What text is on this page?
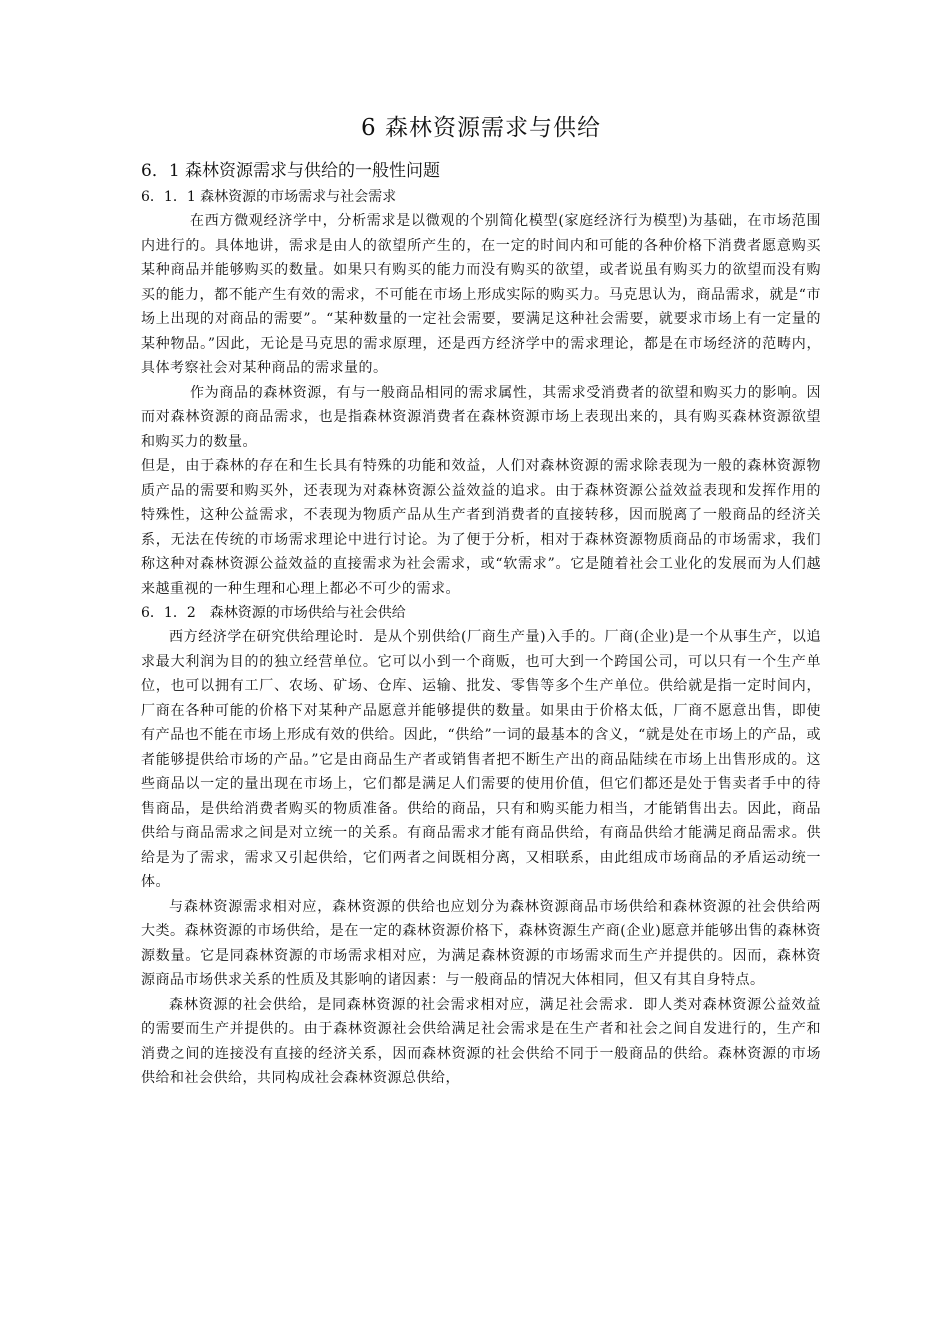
6 森林资源需求与供给
6．1 森林资源需求与供给的一般性问题
6．1．1 森林资源的市场需求与社会需求

在西方微观经济学中，分析需求是以微观的个别简化模型(家庭经济行为模型)为基础，在市场范围内进行的。具体地讲，需求是由人的欲望所产生的，在一定的时间内和可能的各种价格下消费者愿意购买某种商品并能够购买的数量。如果只有购买的能力而没有购买的欲望，或者说虽有购买力的欲望而没有购买的能力，都不能产生有效的需求，不可能在市场上形成实际的购买力。马克思认为，商品需求，就是“市场上出现的对商品的需要”。“某种数量的一定社会需要，要满足这种社会需要，就要求市场上有一定量的某种物品。”因此，无论是马克思的需求原理，还是西方经济学中的需求理论，都是在市场经济的范畴内，具体考察社会对某种商品的需求量的。

作为商品的森林资源，有与一般商品相同的需求属性，其需求受消费者的欲望和购买力的影响。因而对森林资源的商品需求，也是指森林资源消费者在森林资源市场上表现出来的，具有购买森林资源欲望和购买力的数量。

但是，由于森林的存在和生长具有特殊的功能和效益，人们对森林资源的需求除表现为一般的森林资源物质产品的需要和购买外，还表现为对森林资源公益效益的追求。由于森林资源公益效益表现和发挥作用的特殊性，这种公益需求，不表现为物质产品从生产者到消费者的直接转移，因而脱离了一般商品的经济关系，无法在传统的市场需求理论中进行讨论。为了便于分析，相对于森林资源物质商品的市场需求，我们称这种对森林资源公益效益的直接需求为社会需求，或“软需求”。它是随着社会工业化的发展而为人们越来越重视的一种生理和心理上都必不可少的需求。

6．1．2　森林资源的市场供给与社会供给

西方经济学在研究供给理论时．是从个别供给(厂商生产量)入手的。厂商(企业)是一个从事生产，以追求最大利润为目的的独立经营单位。它可以小到一个商贩，也可大到一个跨国公司，可以只有一个生产单位，也可以拥有工厂、农场、矿场、仓库、运输、批发、零售等多个生产单位。供给就是指一定时间内，厂商在各种可能的价格下对某种产品愿意并能够提供的数量。如果由于价格太低，厂商不愿意出售，即使有产品也不能在市场上形成有效的供给。因此，“供给”一词的最基本的含义，“就是处在市场上的产品，或者能够提供给市场的产品。”它是由商品生产者或销售者把不断生产出的商品陆续在市场上出售形成的。这些商品以一定的量出现在市场上，它们都是满足人们需要的使用价值，但它们都还是处于售卖者手中的待售商品，是供给消费者购买的物质准备。供给的商品，只有和购买能力相当，才能销售出去。因此，商品供给与商品需求之间是对立统一的关系。有商品需求才能有商品供给，有商品供给才能满足商品需求。供给是为了需求，需求又引起供给，它们两者之间既相分离，又相联系，由此组成市场商品的矛盾运动统一体。

与森林资源需求相对应，森林资源的供给也应划分为森林资源商品市场供给和森林资源的社会供给两大类。森林资源的市场供给，是在一定的森林资源价格下，森林资源生产商(企业)愿意并能够出售的森林资源数量。它是同森林资源的市场需求相对应，为满足森林资源的市场需求而生产并提供的。因而，森林资源商品市场供求关系的性质及其影响的诸因素：与一般商品的情况大体相同，但又有其自身特点。

森林资源的社会供给，是同森林资源的社会需求相对应，满足社会需求．即人类对森林资源公益效益的需要而生产并提供的。由于森林资源社会供给满足社会需求是在生产者和社会之间自发进行的，生产和消费之间的连接没有直接的经济关系，因而森林资源的社会供给不同于一般商品的供给。森林资源的市场供给和社会供给，共同构成社会森林资源总供给，
